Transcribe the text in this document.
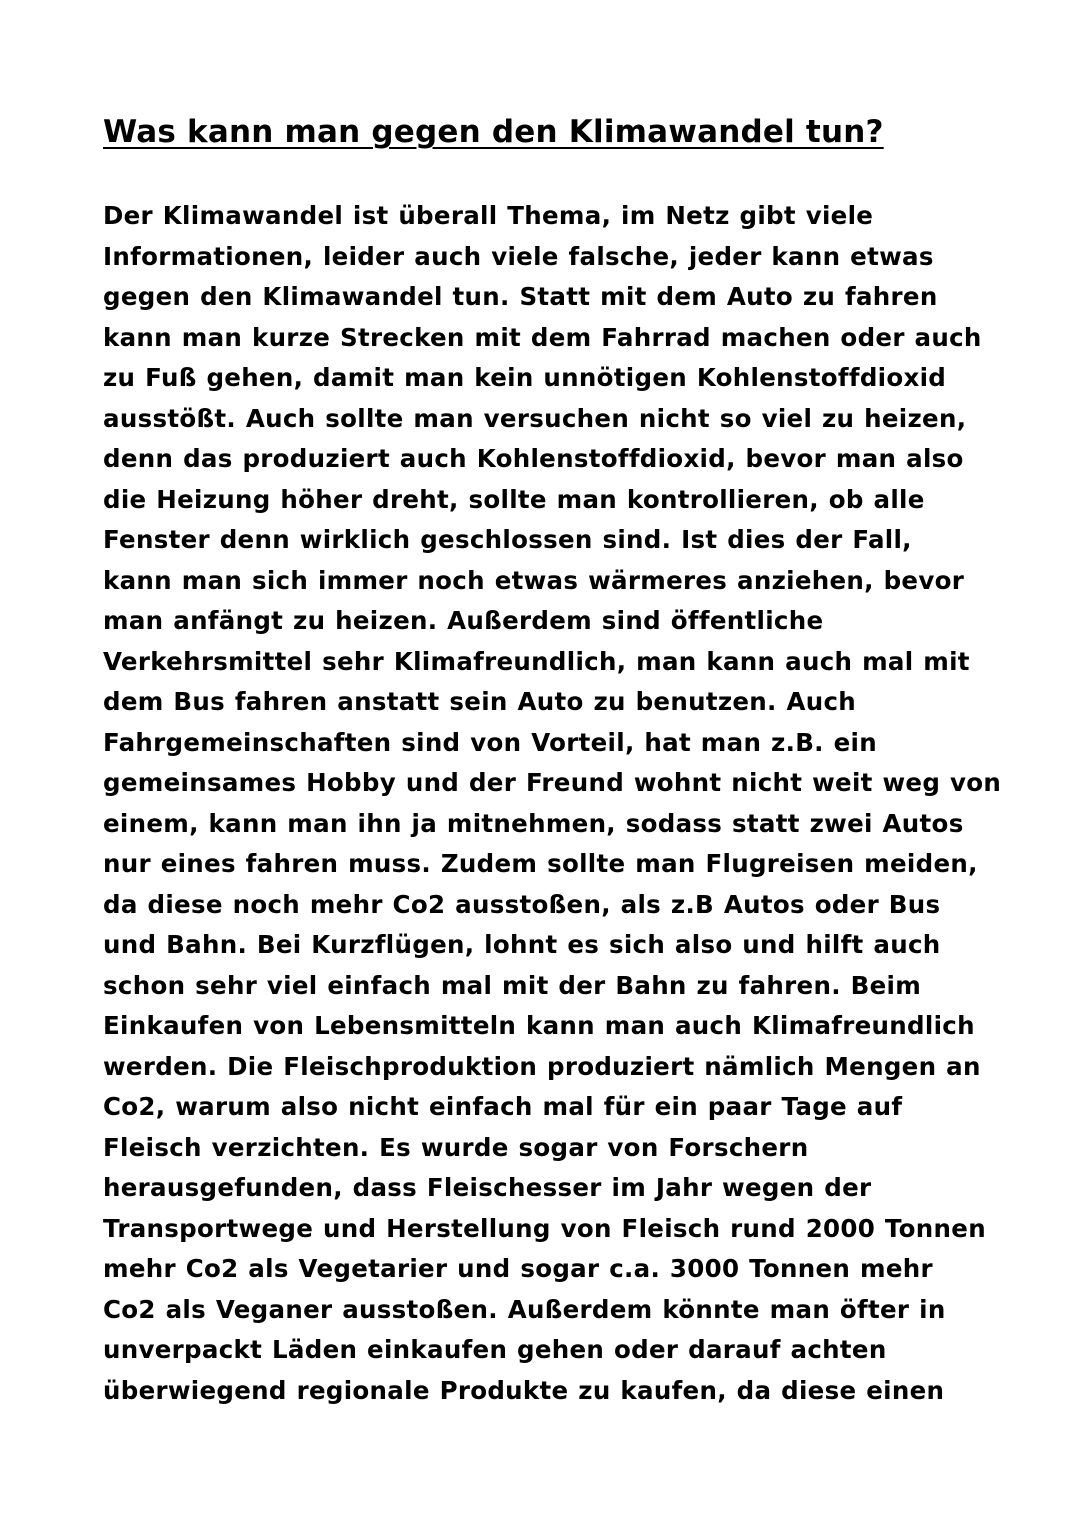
Was kann man gegen den Klimawandel tun?
Der Klimawandel ist überall Thema, im Netz gibt viele
Informationen, leider auch viele falsche, jeder kann etwas
gegen den Klimawandel tun. Statt mit dem Auto zu fahren
kann man kurze Strecken mit dem Fahrrad machen oder auch
zu Fuß gehen, damit man kein unnötigen Kohlenstoffdioxid
ausstößt. Auch sollte man versuchen nicht so viel zu heizen,
denn das produziert auch Kohlenstoffdioxid, bevor man also
die Heizung höher dreht, sollte man kontrollieren, ob alle
Fenster denn wirklich geschlossen sind. Ist dies der Fall,
kann man sich immer noch etwas wärmeres anziehen, bevor
man anfängt zu heizen. Außerdem sind öffentliche
Verkehrsmittel sehr Klimafreundlich, man kann auch mal mit
dem Bus fahren anstatt sein Auto zu benutzen. Auch
Fahrgemeinschaften sind von Vorteil, hat man z.B. ein
gemeinsames Hobby und der Freund wohnt nicht weit weg von
einem, kann man ihn ja mitnehmen, sodass statt zwei Autos
nur eines fahren muss. Zudem sollte man Flugreisen meiden,
da diese noch mehr Co2 ausstoßen, als z.B Autos oder Bus
und Bahn. Bei Kurzflügen, lohnt es sich also und hilft auch
schon sehr viel einfach mal mit der Bahn zu fahren. Beim
Einkaufen von Lebensmitteln kann man auch Klimafreundlich
werden. Die Fleischproduktion produziert nämlich Mengen an
Co2, warum also nicht einfach mal für ein paar Tage auf
Fleisch verzichten. Es wurde sogar von Forschern
herausgefunden, dass Fleischesser im Jahr wegen der
Transportwege und Herstellung von Fleisch rund 2000 Tonnen
mehr Co2 als Vegetarier und sogar c.a. 3000 Tonnen mehr
Co2 als Veganer ausstoßen. Außerdem könnte man öfter in
unverpackt Läden einkaufen gehen oder darauf achten
überwiegend regionale Produkte zu kaufen, da diese einen
